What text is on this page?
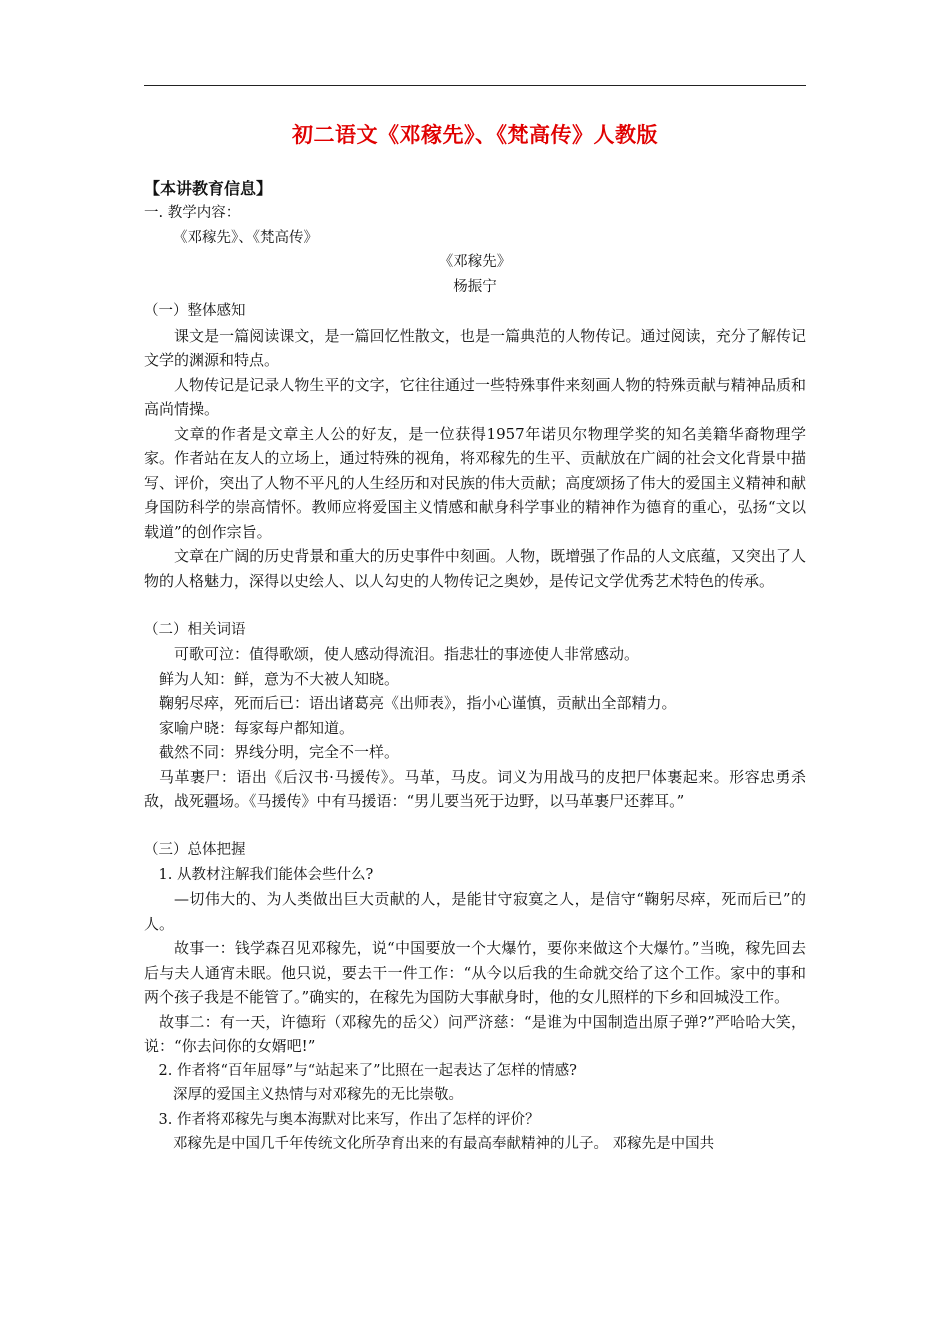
初二语文《邓稼先》、《梵高传》人教版

【本讲教育信息】

一. 教学内容：

《邓稼先》、《梵高传》

《邓稼先》

杨振宁

（一）整体感知

课文是一篇阅读课文，是一篇回忆性散文，也是一篇典范的人物传记。通过阅读，充分了解传记文学的渊源和特点。

人物传记是记录人物生平的文字，它往往通过一些特殊事件来刻画人物的特殊贡献与精神品质和高尚情操。

文章的作者是文章主人公的好友，是一位获得1957年诺贝尔物理学奖的知名美籍华裔物理学家。作者站在友人的立场上，通过特殊的视角，将邓稼先的生平、贡献放在广阔的社会文化背景中描写、评价，突出了人物不平凡的人生经历和对民族的伟大贡献；高度颂扬了伟大的爱国主义精神和献身国防科学的崇高情怀。教师应将爱国主义情感和献身科学事业的精神作为德育的重心，弘扬“文以载道”的创作宗旨。

文章在广阔的历史背景和重大的历史事件中刻画。人物，既增强了作品的人文底蕴，又突出了人物的人格魅力，深得以史绘人、以人勾史的人物传记之奥妙，是传记文学优秀艺术特色的传承。

（二）相关词语

可歌可泣：值得歌颂，使人感动得流泪。指悲壮的事迹使人非常感动。

鲜为人知：鲜，意为不大被人知晓。

鞠躬尽瘁，死而后已：语出诸葛亮《出师表》，指小心谨慎，贡献出全部精力。

家喻户晓：每家每户都知道。

截然不同：界线分明，完全不一样。

马革裹尸：语出《后汉书·马援传》。马革，马皮。词义为用战马的皮把尸体裹起来。形容忠勇杀敌，战死疆场。《马援传》中有马援语：“男儿要当死于边野，以马革裹尸还葬耳。”

（三）总体把握

1. 从教材注解我们能体会些什么?

—切伟大的、为人类做出巨大贡献的人，是能甘守寂寞之人，是信守“鞠躬尽瘁，死而后已”的人。

故事一：钱学森召见邓稼先，说“中国要放一个大爆竹，要你来做这个大爆竹。”当晚，稼先回去后与夫人通宵未眠。他只说，要去干一件工作：“从今以后我的生命就交给了这个工作。家中的事和两个孩子我是不能管了。”确实的，在稼先为国防大事献身时，他的女儿照样的下乡和回城没工作。

故事二：有一天，许德珩（邓稼先的岳父）问严济慈：“是谁为中国制造出原子弹?”严哈哈大笑，说：“你去问你的女婿吧!”

2. 作者将“百年屈辱”与“站起来了”比照在一起表达了怎样的情感?

深厚的爱国主义热情与对邓稼先的无比崇敬。

3. 作者将邓稼先与奥本海默对比来写，作出了怎样的评价？

邓稼先是中国几千年传统文化所孕育出来的有最高奉献精神的儿子。 邓稼先是中国共
